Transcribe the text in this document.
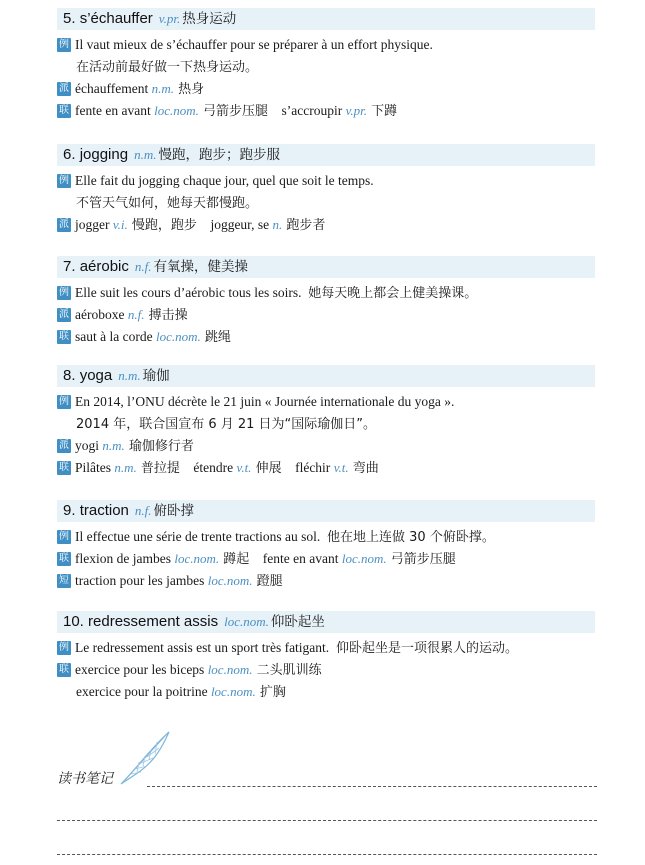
5. s’échauffer v.pr. 热身运动
例 Il vaut mieux de s’échauffer pour se préparer à un effort physique.
在活动前最好做一下热身运动。
派 échauffement n.m. 热身
联 fente en avant loc.nom. 弓箭步压腿    s’accroupir v.pr. 下蹲
6. jogging n.m. 慢跑，跑步；跑步服
例 Elle fait du jogging chaque jour, quel que soit le temps.
不管天气如何，她每天都慢跑。
派 jogger v.i. 慢跑，跑步    joggeur, se n. 跑步者
7. aérobic n.f. 有氧操，健美操
例 Elle suit les cours d’aérobic tous les soirs.  她每天晚上都会上健美操课。
派 aéroboxe n.f. 搏击操
联 saut à la corde loc.nom. 跳绳
8. yoga n.m. 瑜伽
例 En 2014, l’ONU décrète le 21 juin « Journée internationale du yoga ».
2014 年，联合国宣布 6 月 21 日为“国际瑜伽日”。
派 yogi n.m. 瑜伽修行者
联 Pilâtes n.m. 普拉提    étendre v.t. 伸展    fléchir v.t. 弯曲
9. traction n.f. 俯卧撑
例 Il effectue une série de trente tractions au sol.  他在地上连做 30 个俯卧撑。
联 flexion de jambes loc.nom. 蹲起    fente en avant loc.nom. 弓箭步压腿
短 traction pour les jambes loc.nom. 蹬腿
10. redressement assis loc.nom. 仰卧起坐
例 Le redressement assis est un sport très fatigant.  仰卧起坐是一项很累人的运动。
联 exercice pour les biceps loc.nom. 二头肌训练
exercice pour la poitrine loc.nom. 扩胸
读书笔记
